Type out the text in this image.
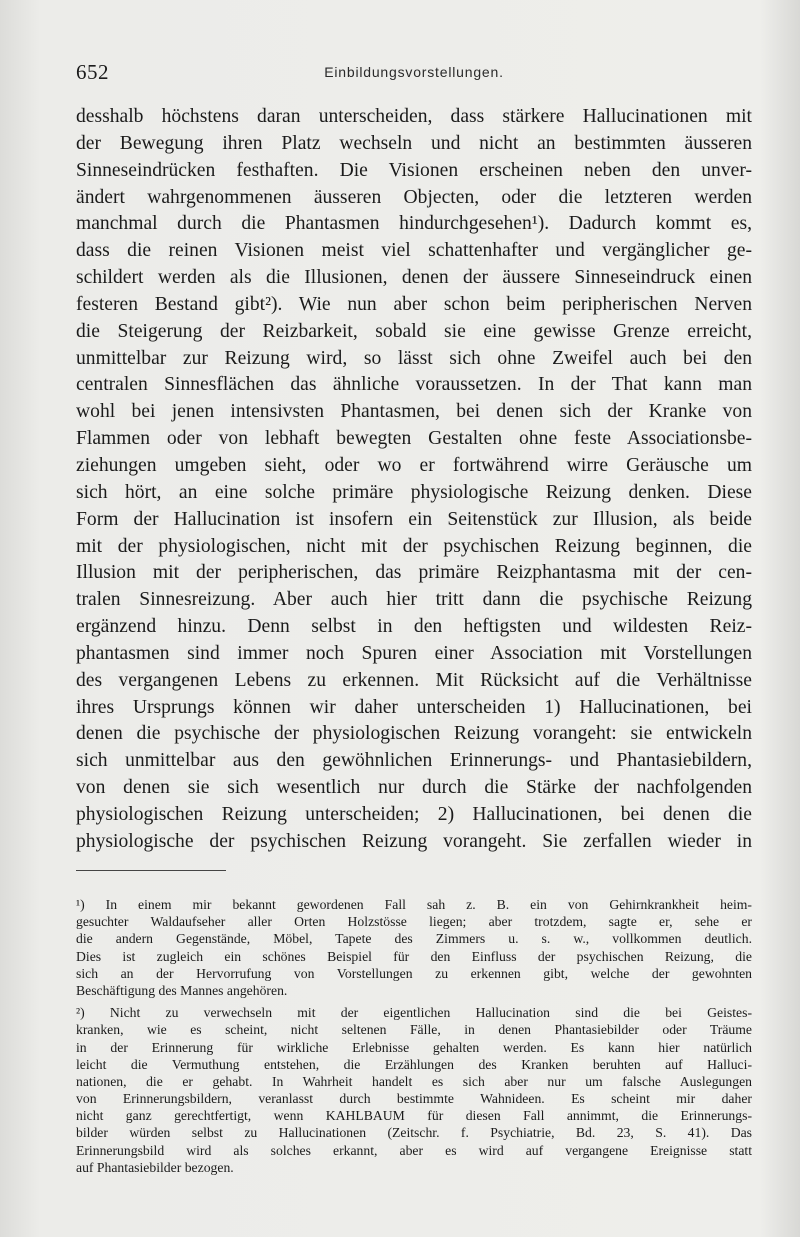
652	Einbildungsvorstellungen.
desshalb höchstens daran unterscheiden, dass stärkere Hallucinationen mit
der Bewegung ihren Platz wechseln und nicht an bestimmten äusseren
Sinneseindrücken festhaften. Die Visionen erscheinen neben den unver-
ändert wahrgenommenen äusseren Objecten, oder die letzteren werden
manchmal durch die Phantasmen hindurchgesehen¹). Dadurch kommt es,
dass die reinen Visionen meist viel schattenhafter und vergänglicher ge-
schildert werden als die Illusionen, denen der äussere Sinneseindruck einen
festeren Bestand gibt²). Wie nun aber schon beim peripherischen Nerven
die Steigerung der Reizbarkeit, sobald sie eine gewisse Grenze erreicht,
unmittelbar zur Reizung wird, so lässt sich ohne Zweifel auch bei den
centralen Sinnesflächen das ähnliche voraussetzen. In der That kann man
wohl bei jenen intensivsten Phantasmen, bei denen sich der Kranke von
Flammen oder von lebhaft bewegten Gestalten ohne feste Associationsbe-
ziehungen umgeben sieht, oder wo er fortwährend wirre Geräusche um
sich hört, an eine solche primäre physiologische Reizung denken. Diese
Form der Hallucination ist insofern ein Seitenstück zur Illusion, als beide
mit der physiologischen, nicht mit der psychischen Reizung beginnen, die
Illusion mit der peripherischen, das primäre Reizphantasma mit der cen-
tralen Sinnesreizung. Aber auch hier tritt dann die psychische Reizung
ergänzend hinzu. Denn selbst in den heftigsten und wildesten Reiz-
phantasmen sind immer noch Spuren einer Association mit Vorstellungen
des vergangenen Lebens zu erkennen. Mit Rücksicht auf die Verhältnisse
ihres Ursprungs können wir daher unterscheiden 1) Hallucinationen, bei
denen die psychische der physiologischen Reizung vorangeht: sie entwickeln
sich unmittelbar aus den gewöhnlichen Erinnerungs- und Phantasiebildern,
von denen sie sich wesentlich nur durch die Stärke der nachfolgenden
physiologischen Reizung unterscheiden; 2) Hallucinationen, bei denen die
physiologische der psychischen Reizung vorangeht. Sie zerfallen wieder in
¹) In einem mir bekannt gewordenen Fall sah z. B. ein von Gehirnkrankheit heim-
gesuchter Waldaufseher aller Orten Holzstösse liegen; aber trotzdem, sagte er, sehe er
die andern Gegenstände, Möbel, Tapete des Zimmers u. s. w., vollkommen deutlich.
Dies ist zugleich ein schönes Beispiel für den Einfluss der psychischen Reizung, die
sich an der Hervorrufung von Vorstellungen zu erkennen gibt, welche der gewohnten
Beschäftigung des Mannes angehören.
²) Nicht zu verwechseln mit der eigentlichen Hallucination sind die bei Geistes-
kranken, wie es scheint, nicht seltenen Fälle, in denen Phantasiebilder oder Träume
in der Erinnerung für wirkliche Erlebnisse gehalten werden. Es kann hier natürlich
leicht die Vermuthung entstehen, die Erzählungen des Kranken beruhten auf Halluci-
nationen, die er gehabt. In Wahrheit handelt es sich aber nur um falsche Auslegungen
von Erinnerungsbildern, veranlasst durch bestimmte Wahnideen. Es scheint mir daher
nicht ganz gerechtfertigt, wenn KAHLBAUM für diesen Fall annimmt, die Erinnerungs-
bilder würden selbst zu Hallucinationen (Zeitschr. f. Psychiatrie, Bd. 23, S. 41). Das
Erinnerungsbild wird als solches erkannt, aber es wird auf vergangene Ereignisse statt
auf Phantasiebilder bezogen.
